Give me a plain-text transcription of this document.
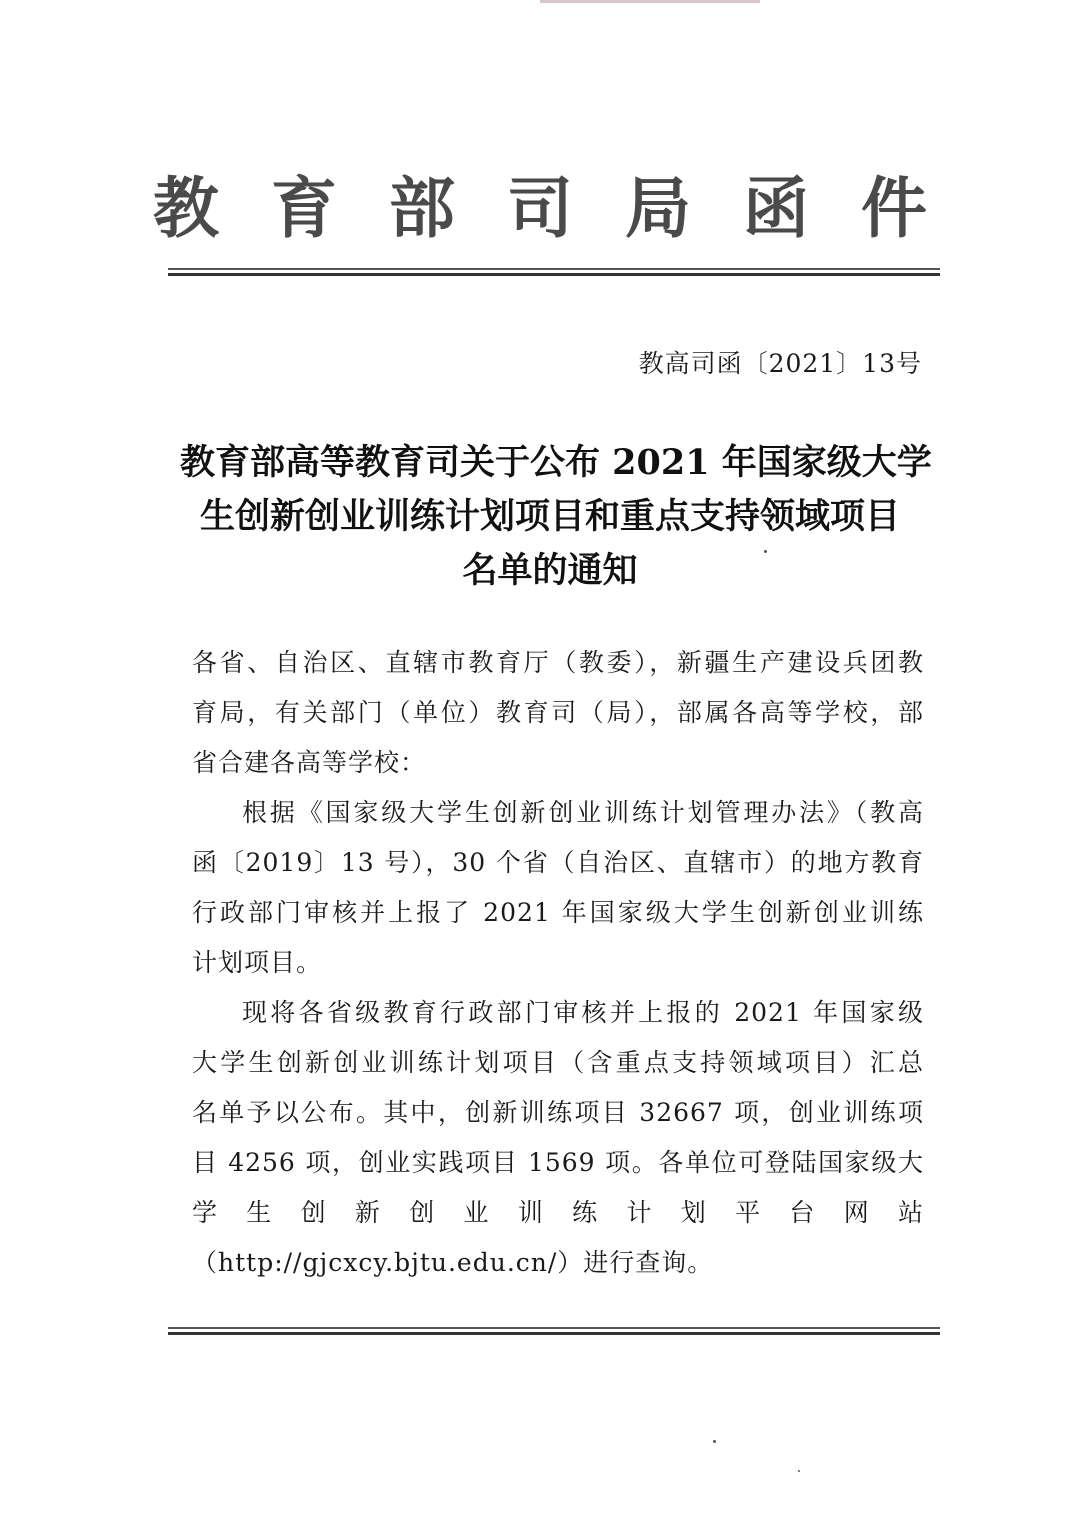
教育部司局函件
教高司函〔2021〕13号
教育部高等教育司关于公布 2021 年国家级大学
生创新创业训练计划项目和重点支持领域项目
名单的通知
各省、自治区、直辖市教育厅（教委），新疆生产建设兵团教
育局，有关部门（单位）教育司（局），部属各高等学校，部
省合建各高等学校：
根据《国家级大学生创新创业训练计划管理办法》（教高
函〔2019〕13 号），30 个省（自治区、直辖市）的地方教育
行政部门审核并上报了 2021 年国家级大学生创新创业训练
计划项目。
现将各省级教育行政部门审核并上报的 2021 年国家级
大学生创新创业训练计划项目（含重点支持领域项目）汇总
名单予以公布。其中，创新训练项目 32667 项，创业训练项
目 4256 项，创业实践项目 1569 项。各单位可登陆国家级大
学 生 创 新 创 业 训 练 计 划 平 台 网 站
（http://gjcxcy.bjtu.edu.cn/）进行查询。
